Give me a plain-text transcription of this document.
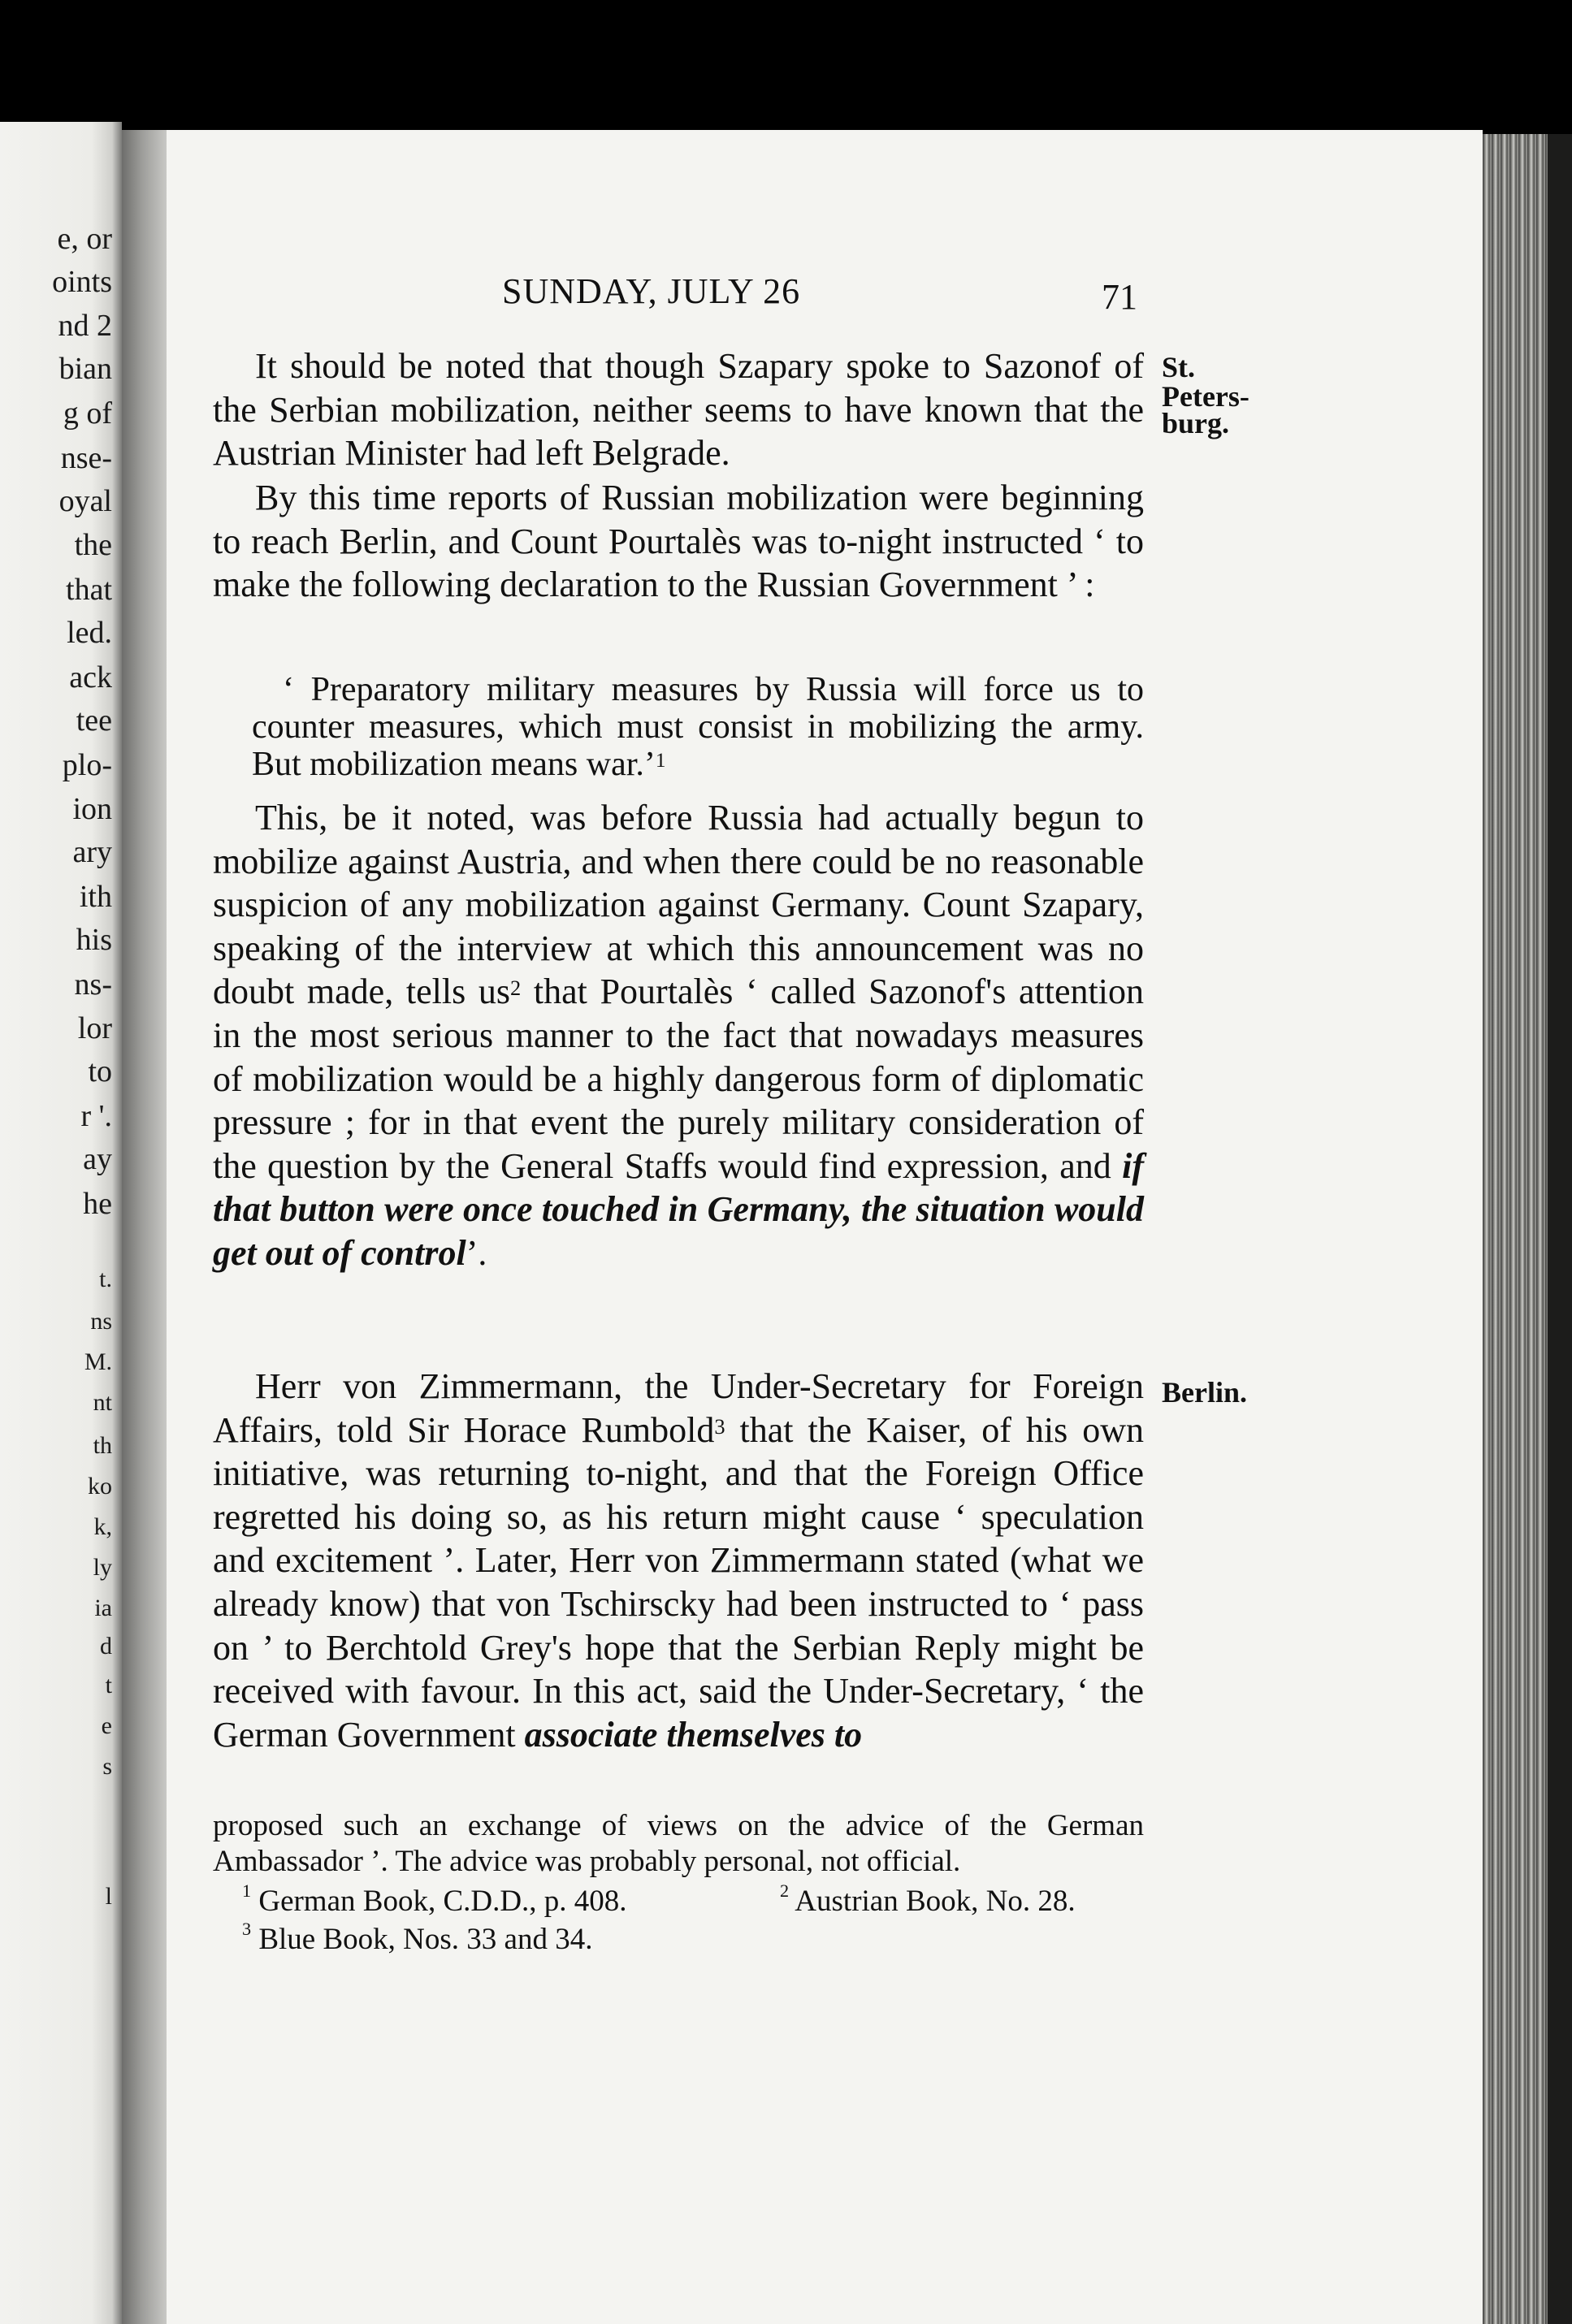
e, or
oints
nd 2
bian
g of
nse-
oyal
the
that
led.
ack
tee
plo-
ion
ary
ith
his
ns-
lor
to
r '.
ay
he
t.
ns
M.
nt
th
ko
k,
ly
ia
d
t
e
s
l
SUNDAY, JULY 26	71
St.
Peters-
burg.
Berlin.

It should be noted that though Szapary spoke to Sazonof of the Serbian mobilization, neither seems to have known that the Austrian Minister had left Belgrade.

By this time reports of Russian mobilization were beginning to reach Berlin, and Count Pourtalès was to-night instructed ‘ to make the following declaration to the Russian Government ’ :

‘ Preparatory military measures by Russia will force us to counter measures, which must consist in mobilizing the army. But mobilization means war.’$^1$

This, be it noted, was before Russia had actually begun to mobilize against Austria, and when there could be no reasonable suspicion of any mobilization against Germany. Count Szapary, speaking of the interview at which this announcement was no doubt made, tells $us^2$ that Pourtalès ‘ called Sazonof's attention in the most serious manner to the fact that nowadays measures of mobilization would be a highly dangerous form of diplomatic pressure ; for in that event the purely military consideration of the question by the General Staffs would find expression, and if that button were once touched in Germany, the situation would get out of control’.

Herr von Zimmermann, the Under-Secretary for Foreign Affairs, told Sir Horace Rumbold$^3$ that the Kaiser, of his own initiative, was returning to-night, and that the Foreign Office regretted his doing so, as his return might cause ‘ speculation and excitement ’. Later, Herr von Zimmermann stated (what we already know) that von Tschirscky had been instructed to ‘ pass on ’ to Berchtold Grey's hope that the Serbian Reply might be received with favour. In this act, said the Under-Secretary, ‘ the German Government associate themselves to

proposed such an exchange of views on the advice of the German Ambassador ’. The advice was probably personal, not official.

$^1$ German Book, C.D.D., p. 408.	$^2$ Austrian Book, No. 28.
$^3$ Blue Book, Nos. 33 and 34.
